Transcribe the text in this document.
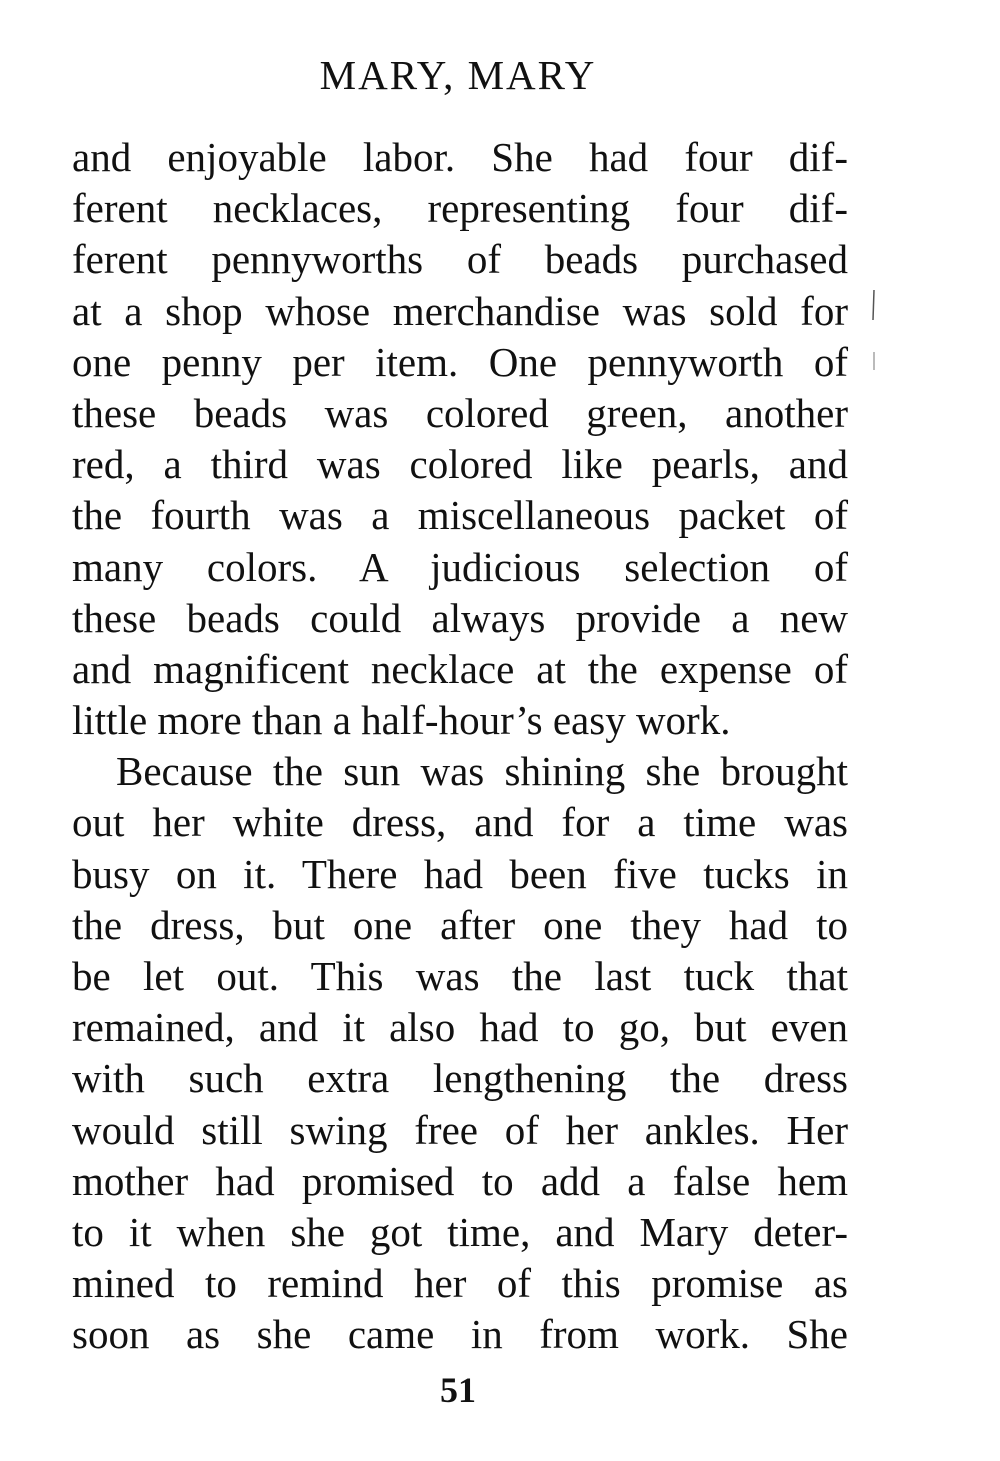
MARY, MARY
and enjoyable labor. She had four dif-
ferent necklaces, representing four dif-
ferent pennyworths of beads purchased
at a shop whose merchandise was sold for
one penny per item. One pennyworth of
these beads was colored green, another
red, a third was colored like pearls, and
the fourth was a miscellaneous packet of
many colors. A judicious selection of
these beads could always provide a new
and magnificent necklace at the expense of
little more than a half-hour’s easy work.
Because the sun was shining she brought
out her white dress, and for a time was
busy on it. There had been five tucks in
the dress, but one after one they had to
be let out. This was the last tuck that
remained, and it also had to go, but even
with such extra lengthening the dress
would still swing free of her ankles. Her
mother had promised to add a false hem
to it when she got time, and Mary deter-
mined to remind her of this promise as
soon as she came in from work. She
51
